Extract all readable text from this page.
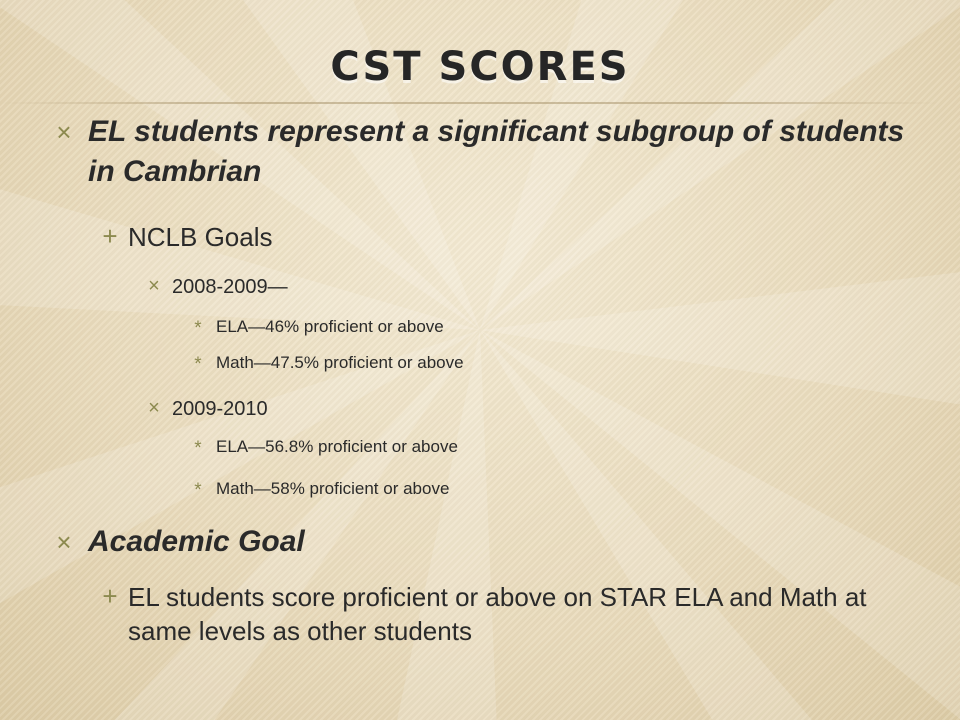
CST SCORES
× EL students represent a significant subgroup of students in Cambrian
+ NCLB Goals
× 2008-2009—
* ELA—46% proficient or above
* Math—47.5% proficient or above
× 2009-2010
* ELA—56.8% proficient or above
* Math—58% proficient or above
× Academic Goal
+ EL students score proficient or above on STAR ELA and Math at same levels as other students
